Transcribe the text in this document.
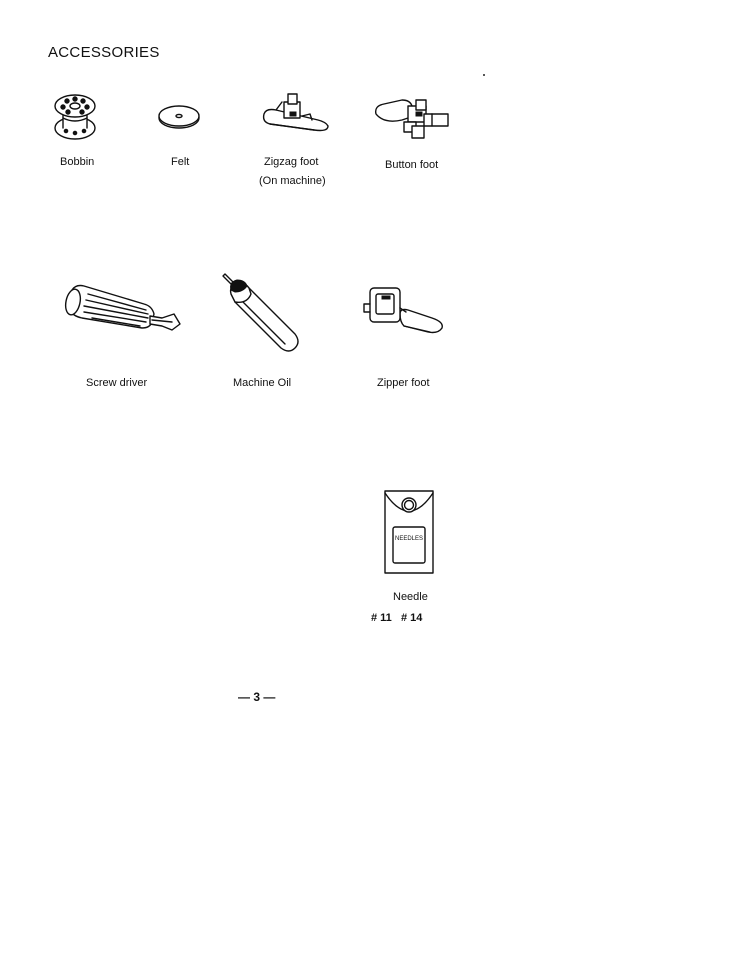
ACCESSORIES
Bobbin	Felt	Zigzag foot
(On machine)
Button foot
Screw driver	Machine Oil	Zipper foot
NEEDLES
Needle
# 11   # 14
— 3 —
